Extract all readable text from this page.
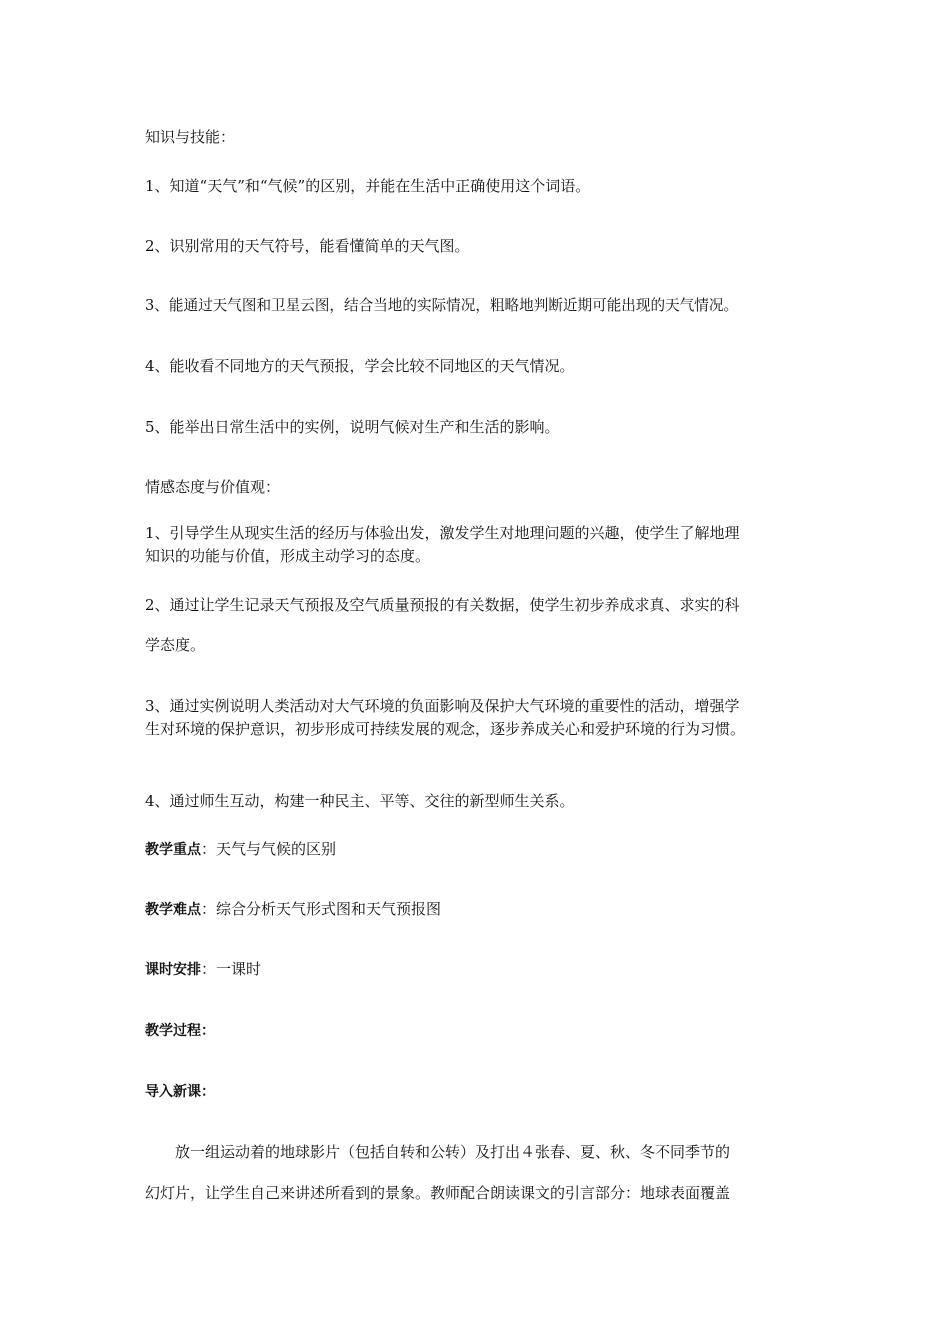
知识与技能：
1、知道“天气”和“气候”的区别，并能在生活中正确使用这个词语。
2、识别常用的天气符号，能看懂简单的天气图。
3、能通过天气图和卫星云图，结合当地的实际情况，粗略地判断近期可能出现的天气情况。
4、能收看不同地方的天气预报，学会比较不同地区的天气情况。
5、能举出日常生活中的实例，说明气候对生产和生活的影响。
情感态度与价值观：
1、引导学生从现实生活的经历与体验出发，激发学生对地理问题的兴趣，使学生了解地理
知识的功能与价值，形成主动学习的态度。
2、通过让学生记录天气预报及空气质量预报的有关数据，使学生初步养成求真、求实的科
学态度。
3、通过实例说明人类活动对大气环境的负面影响及保护大气环境的重要性的活动，增强学
生对环境的保护意识，初步形成可持续发展的观念，逐步养成关心和爱护环境的行为习惯。
4、通过师生互动，构建一种民主、平等、交往的新型师生关系。
教学重点：天气与气候的区别
教学难点：综合分析天气形式图和天气预报图
课时安排：一课时
教学过程：
导入新课：
放一组运动着的地球影片（包括自转和公转）及打出４张春、夏、秋、冬不同季节的
幻灯片，让学生自己来讲述所看到的景象。教师配合朗读课文的引言部分：地球表面覆盖
